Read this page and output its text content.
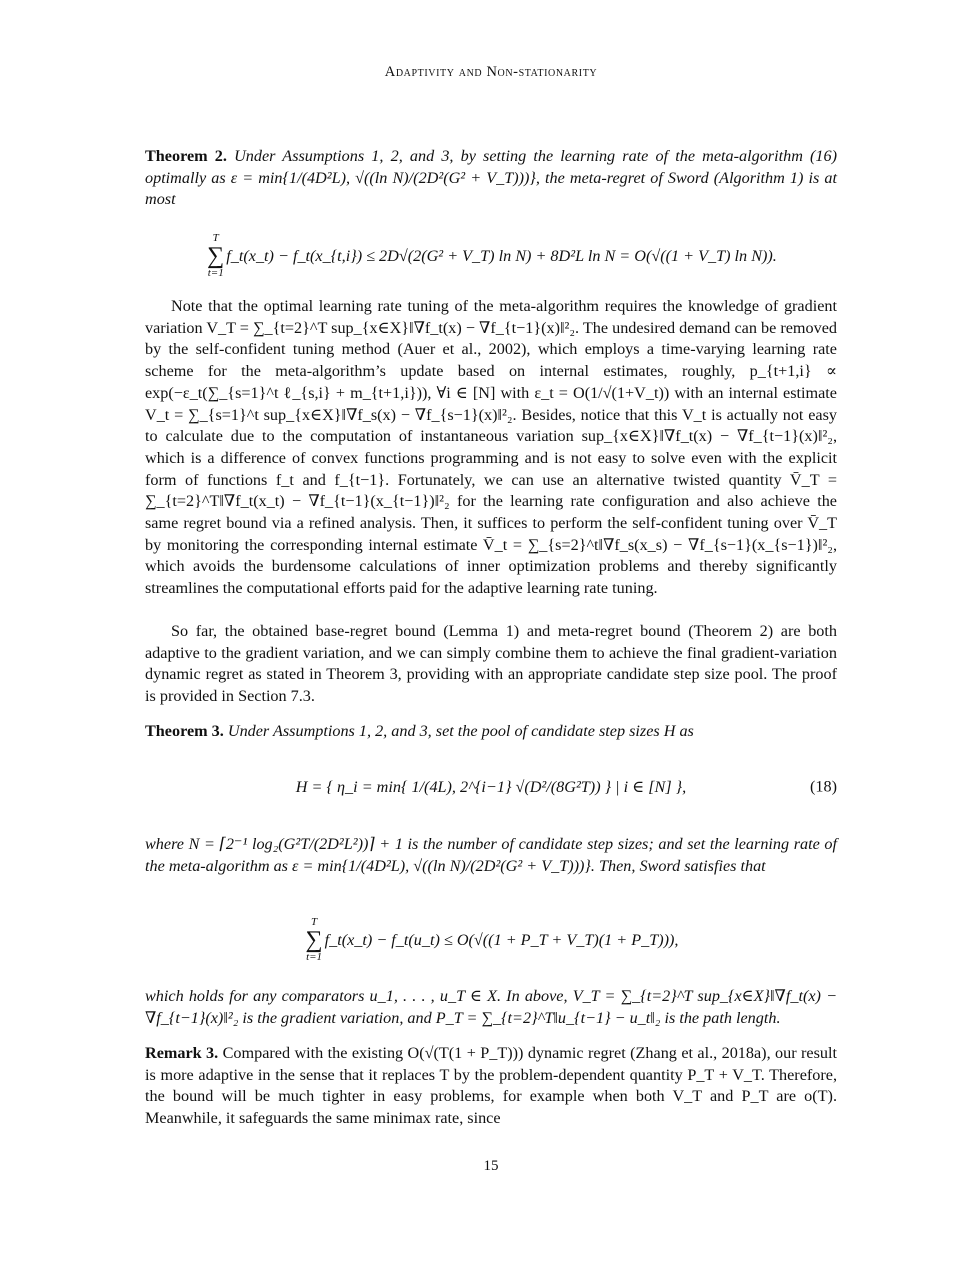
Adaptivity and Non-stationarity
Theorem 2. Under Assumptions 1, 2, and 3, by setting the learning rate of the meta-algorithm (16) optimally as ε = min{1/(4D²L), √((ln N)/(2D²(G² + V_T)))}, the meta-regret of Sword (Algorithm 1) is at most
T
∑
t=1
f_t(x_t) − f_t(x_{t,i}) ≤ 2D√(2(G² + V_T) ln N) + 8D²L ln N = O(√((1 + V_T) ln N)).

Note that the optimal learning rate tuning of the meta-algorithm requires the knowledge of gradient variation V_T = ∑_{t=2}^T sup_{x∈X}‖∇f_t(x) − ∇f_{t−1}(x)‖²₂. The undesired demand can be removed by the self-confident tuning method (Auer et al., 2002), which employs a time-varying learning rate scheme for the meta-algorithm’s update based on internal estimates, roughly, p_{t+1,i} ∝ exp(−ε_t(∑_{s=1}^t ℓ_{s,i} + m_{t+1,i})), ∀i ∈ [N] with ε_t = O(1/√(1+V_t)) with an internal estimate V_t = ∑_{s=1}^t sup_{x∈X}‖∇f_s(x) − ∇f_{s−1}(x)‖²₂. Besides, notice that this V_t is actually not easy to calculate due to the computation of instantaneous variation sup_{x∈X}‖∇f_t(x) − ∇f_{t−1}(x)‖²₂, which is a difference of convex functions programming and is not easy to solve even with the explicit form of functions f_t and f_{t−1}. Fortunately, we can use an alternative twisted quantity V̄_T = ∑_{t=2}^T‖∇f_t(x_t) − ∇f_{t−1}(x_{t−1})‖²₂ for the learning rate configuration and also achieve the same regret bound via a refined analysis. Then, it suffices to perform the self-confident tuning over V̄_T by monitoring the corresponding internal estimate V̄_t = ∑_{s=2}^t‖∇f_s(x_s) − ∇f_{s−1}(x_{s−1})‖²₂, which avoids the burdensome calculations of inner optimization problems and thereby significantly streamlines the computational efforts paid for the adaptive learning rate tuning.

So far, the obtained base-regret bound (Lemma 1) and meta-regret bound (Theorem 2) are both adaptive to the gradient variation, and we can simply combine them to achieve the final gradient-variation dynamic regret as stated in Theorem 3, providing with an appropriate candidate step size pool. The proof is provided in Section 7.3.

Theorem 3. Under Assumptions 1, 2, and 3, set the pool of candidate step sizes H as
H = { η_i = min{ 1/(4L), 2^{i−1} √(D²/(8G²T)) } | i ∈ [N] },	(18)
where N = ⌈2⁻¹ log₂(G²T/(2D²L²))⌉ + 1 is the number of candidate step sizes; and set the learning rate of the meta-algorithm as ε = min{1/(4D²L), √((ln N)/(2D²(G² + V_T)))}. Then, Sword satisfies that
T
∑
t=1
f_t(x_t) − f_t(u_t) ≤ O(√((1 + P_T + V_T)(1 + P_T))),
which holds for any comparators u_1, . . . , u_T ∈ X. In above, V_T = ∑_{t=2}^T sup_{x∈X}‖∇f_t(x) − ∇f_{t−1}(x)‖²₂ is the gradient variation, and P_T = ∑_{t=2}^T‖u_{t−1} − u_t‖₂ is the path length.
Remark 3. Compared with the existing O(√(T(1 + P_T))) dynamic regret (Zhang et al., 2018a), our result is more adaptive in the sense that it replaces T by the problem-dependent quantity P_T + V_T. Therefore, the bound will be much tighter in easy problems, for example when both V_T and P_T are o(T). Meanwhile, it safeguards the same minimax rate, since
15
